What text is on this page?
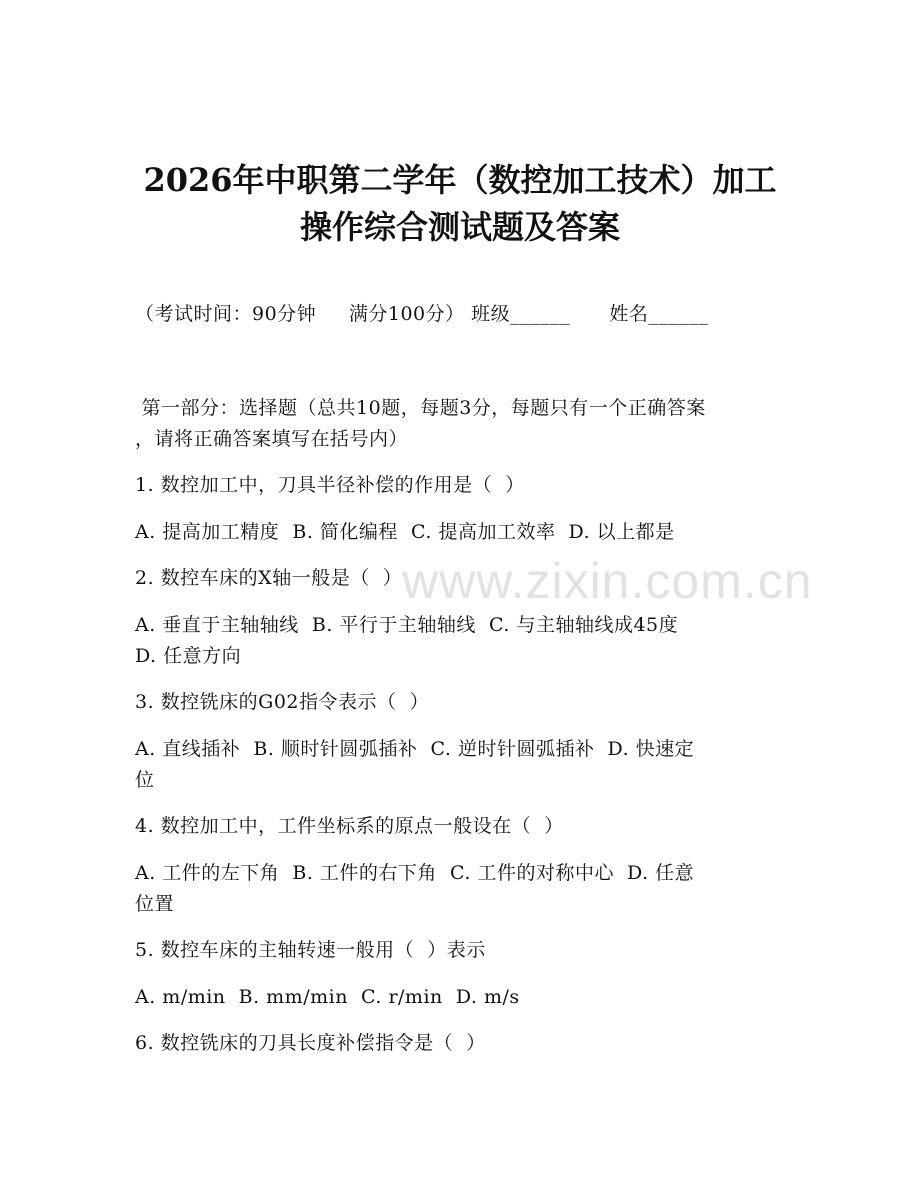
2026年中职第二学年（数控加工技术）加工
操作综合测试题及答案
（考试时间：90分钟     满分100分） 班级______      姓名______
第一部分：选择题（总共10题，每题3分，每题只有一个正确答案
，请将正确答案填写在括号内）
1. 数控加工中，刀具半径补偿的作用是（  ）
A. 提高加工精度  B. 简化编程  C. 提高加工效率  D. 以上都是
2. 数控车床的X轴一般是（  ）
A. 垂直于主轴轴线  B. 平行于主轴轴线  C. 与主轴轴线成45度
D. 任意方向
3. 数控铣床的G02指令表示（  ）
A. 直线插补  B. 顺时针圆弧插补  C. 逆时针圆弧插补  D. 快速定
位
4. 数控加工中，工件坐标系的原点一般设在（  ）
A. 工件的左下角  B. 工件的右下角  C. 工件的对称中心  D. 任意
位置
5. 数控车床的主轴转速一般用（  ）表示
A. m/min  B. mm/min  C. r/min  D. m/s
6. 数控铣床的刀具长度补偿指令是（  ）
www.zixin.com.cn
